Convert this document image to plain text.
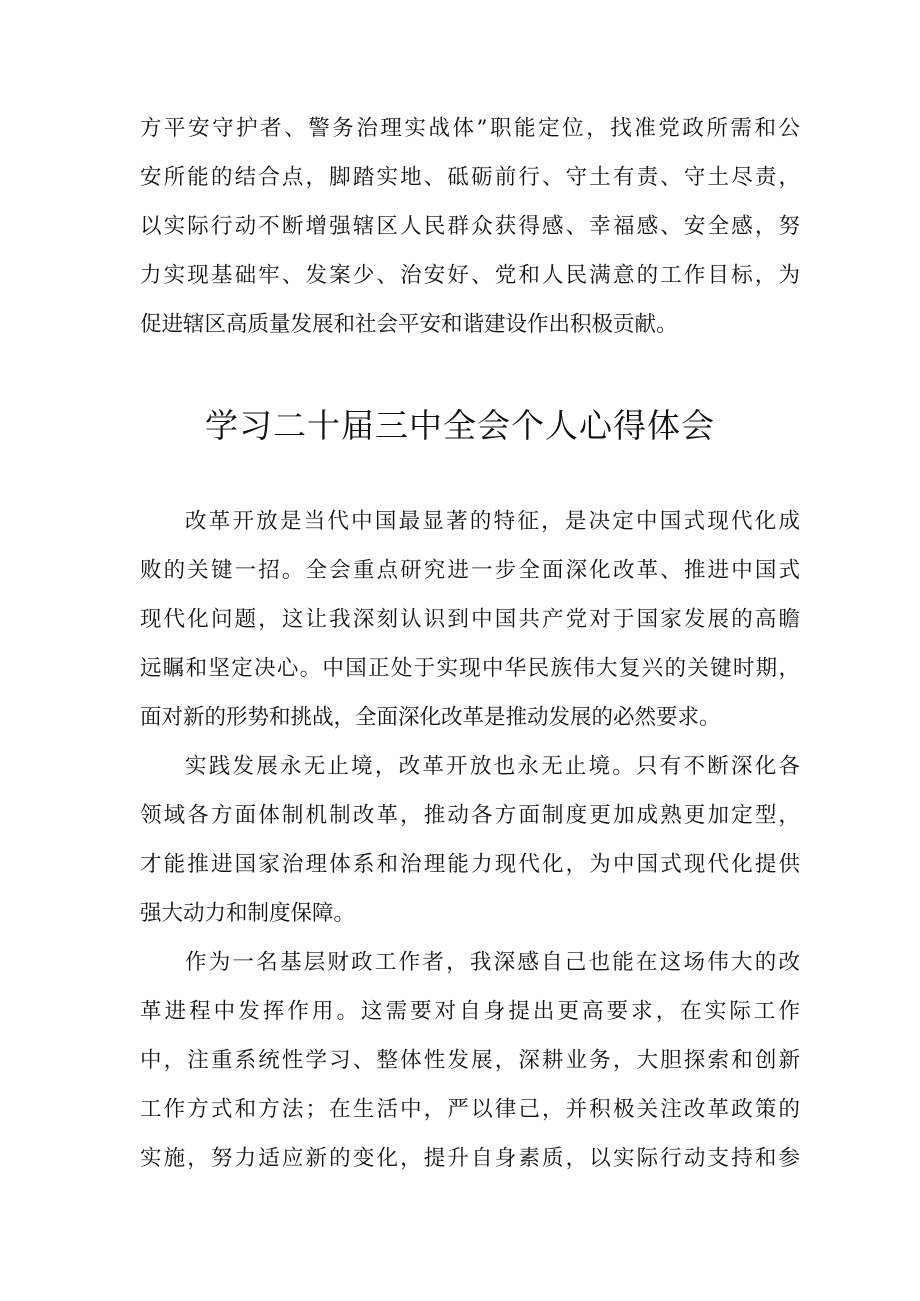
方平安守护者、警务治理实战体”职能定位，找准党政所需和公
安所能的结合点，脚踏实地、砥砺前行、守土有责、守土尽责，
以实际行动不断增强辖区人民群众获得感、幸福感、安全感，努
力实现基础牢、发案少、治安好、党和人民满意的工作目标，为
促进辖区高质量发展和社会平安和谐建设作出积极贡献。
学习二十届三中全会个人心得体会
改革开放是当代中国最显著的特征，是决定中国式现代化成
败的关键一招。全会重点研究进一步全面深化改革、推进中国式
现代化问题，这让我深刻认识到中国共产党对于国家发展的高瞻
远瞩和坚定决心。中国正处于实现中华民族伟大复兴的关键时期，
面对新的形势和挑战，全面深化改革是推动发展的必然要求。
实践发展永无止境，改革开放也永无止境。只有不断深化各
领域各方面体制机制改革，推动各方面制度更加成熟更加定型，
才能推进国家治理体系和治理能力现代化，为中国式现代化提供
强大动力和制度保障。
作为一名基层财政工作者，我深感自己也能在这场伟大的改
革进程中发挥作用。这需要对自身提出更高要求，在实际工作
中，注重系统性学习、整体性发展，深耕业务，大胆探索和创新
工作方式和方法；在生活中，严以律己，并积极关注改革政策的
实施，努力适应新的变化，提升自身素质，以实际行动支持和参
